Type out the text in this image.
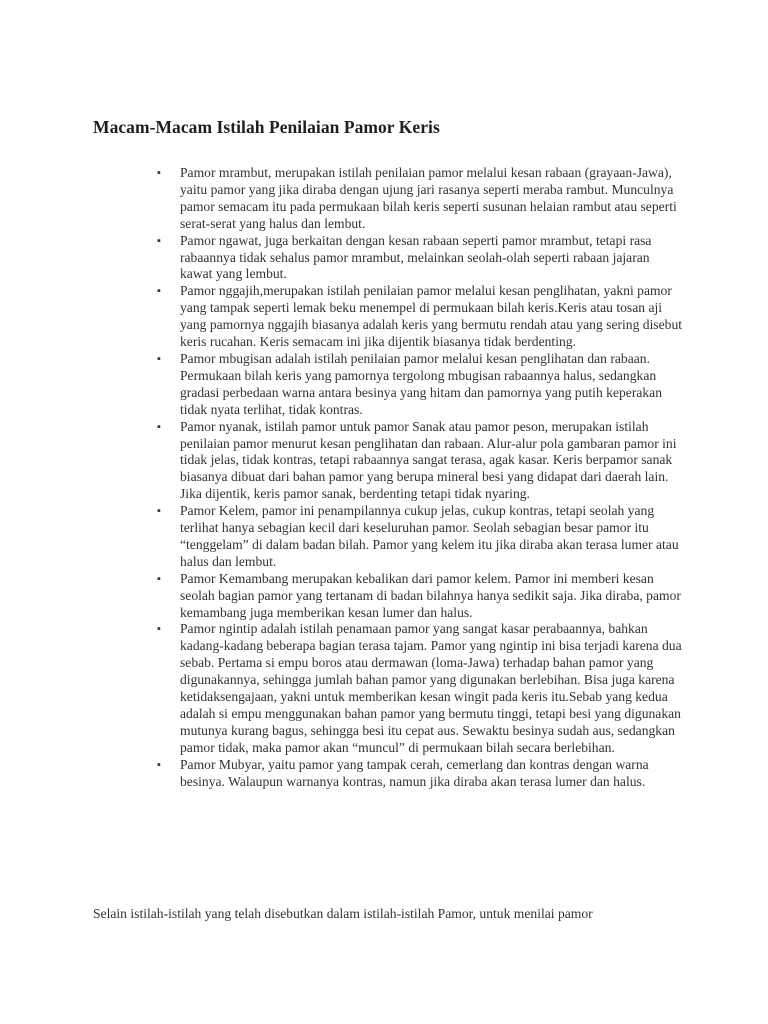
Macam-Macam Istilah Penilaian Pamor Keris
▪ Pamor mrambut, merupakan istilah penilaian pamor melalui kesan rabaan (grayaan-Jawa), yaitu pamor yang jika diraba dengan ujung jari rasanya seperti meraba rambut. Munculnya pamor semacam itu pada permukaan bilah keris seperti susunan helaian rambut atau seperti serat-serat yang halus dan lembut.
▪ Pamor ngawat, juga berkaitan dengan kesan rabaan seperti pamor mrambut, tetapi rasa rabaannya tidak sehalus pamor mrambut, melainkan seolah-olah seperti rabaan jajaran kawat yang lembut.
▪ Pamor nggajih,merupakan istilah penilaian pamor melalui kesan penglihatan, yakni pamor yang tampak seperti lemak beku menempel di permukaan bilah keris.Keris atau tosan aji yang pamornya nggajih biasanya adalah keris yang bermutu rendah atau yang sering disebut keris rucahan. Keris semacam ini jika dijentik biasanya tidak berdenting.
▪ Pamor mbugisan adalah istilah penilaian pamor melalui kesan penglihatan dan rabaan. Permukaan bilah keris yang pamornya tergolong mbugisan rabaannya halus, sedangkan gradasi perbedaan warna antara besinya yang hitam dan pamornya yang putih keperakan tidak nyata terlihat, tidak kontras.
▪ Pamor nyanak, istilah pamor untuk pamor Sanak atau pamor peson, merupakan istilah penilaian pamor menurut kesan penglihatan dan rabaan. Alur-alur pola gambaran pamor ini tidak jelas, tidak kontras, tetapi rabaannya sangat terasa, agak kasar. Keris berpamor sanak biasanya dibuat dari bahan pamor yang berupa mineral besi yang didapat dari daerah lain. Jika dijentik, keris pamor sanak, berdenting tetapi tidak nyaring.
▪ Pamor Kelem, pamor ini penampilannya cukup jelas, cukup kontras, tetapi seolah yang terlihat hanya sebagian kecil dari keseluruhan pamor. Seolah sebagian besar pamor itu “tenggelam” di dalam badan bilah. Pamor yang kelem itu jika diraba akan terasa lumer atau halus dan lembut.
▪ Pamor Kemambang merupakan kebalikan dari pamor kelem. Pamor ini memberi kesan seolah bagian pamor yang tertanam di badan bilahnya hanya sedikit saja. Jika diraba, pamor kemambang juga memberikan kesan lumer dan halus.
▪ Pamor ngintip adalah istilah penamaan pamor yang sangat kasar perabaannya, bahkan kadang-kadang beberapa bagian terasa tajam. Pamor yang ngintip ini bisa terjadi karena dua sebab. Pertama si empu boros atau dermawan (loma-Jawa) terhadap bahan pamor yang digunakannya, sehingga jumlah bahan pamor yang digunakan berlebihan. Bisa juga karena ketidaksengajaan, yakni untuk memberikan kesan wingit pada keris itu.Sebab yang kedua adalah si empu menggunakan bahan pamor yang bermutu tinggi, tetapi besi yang digunakan mutunya kurang bagus, sehingga besi itu cepat aus. Sewaktu besinya sudah aus, sedangkan pamor tidak, maka pamor akan “muncul” di permukaan bilah secara berlebihan.
▪ Pamor Mubyar, yaitu pamor yang tampak cerah, cemerlang dan kontras dengan warna besinya. Walaupun warnanya kontras, namun jika diraba akan terasa lumer dan halus.

Selain istilah-istilah yang telah disebutkan dalam istilah-istilah Pamor, untuk menilai pamor
